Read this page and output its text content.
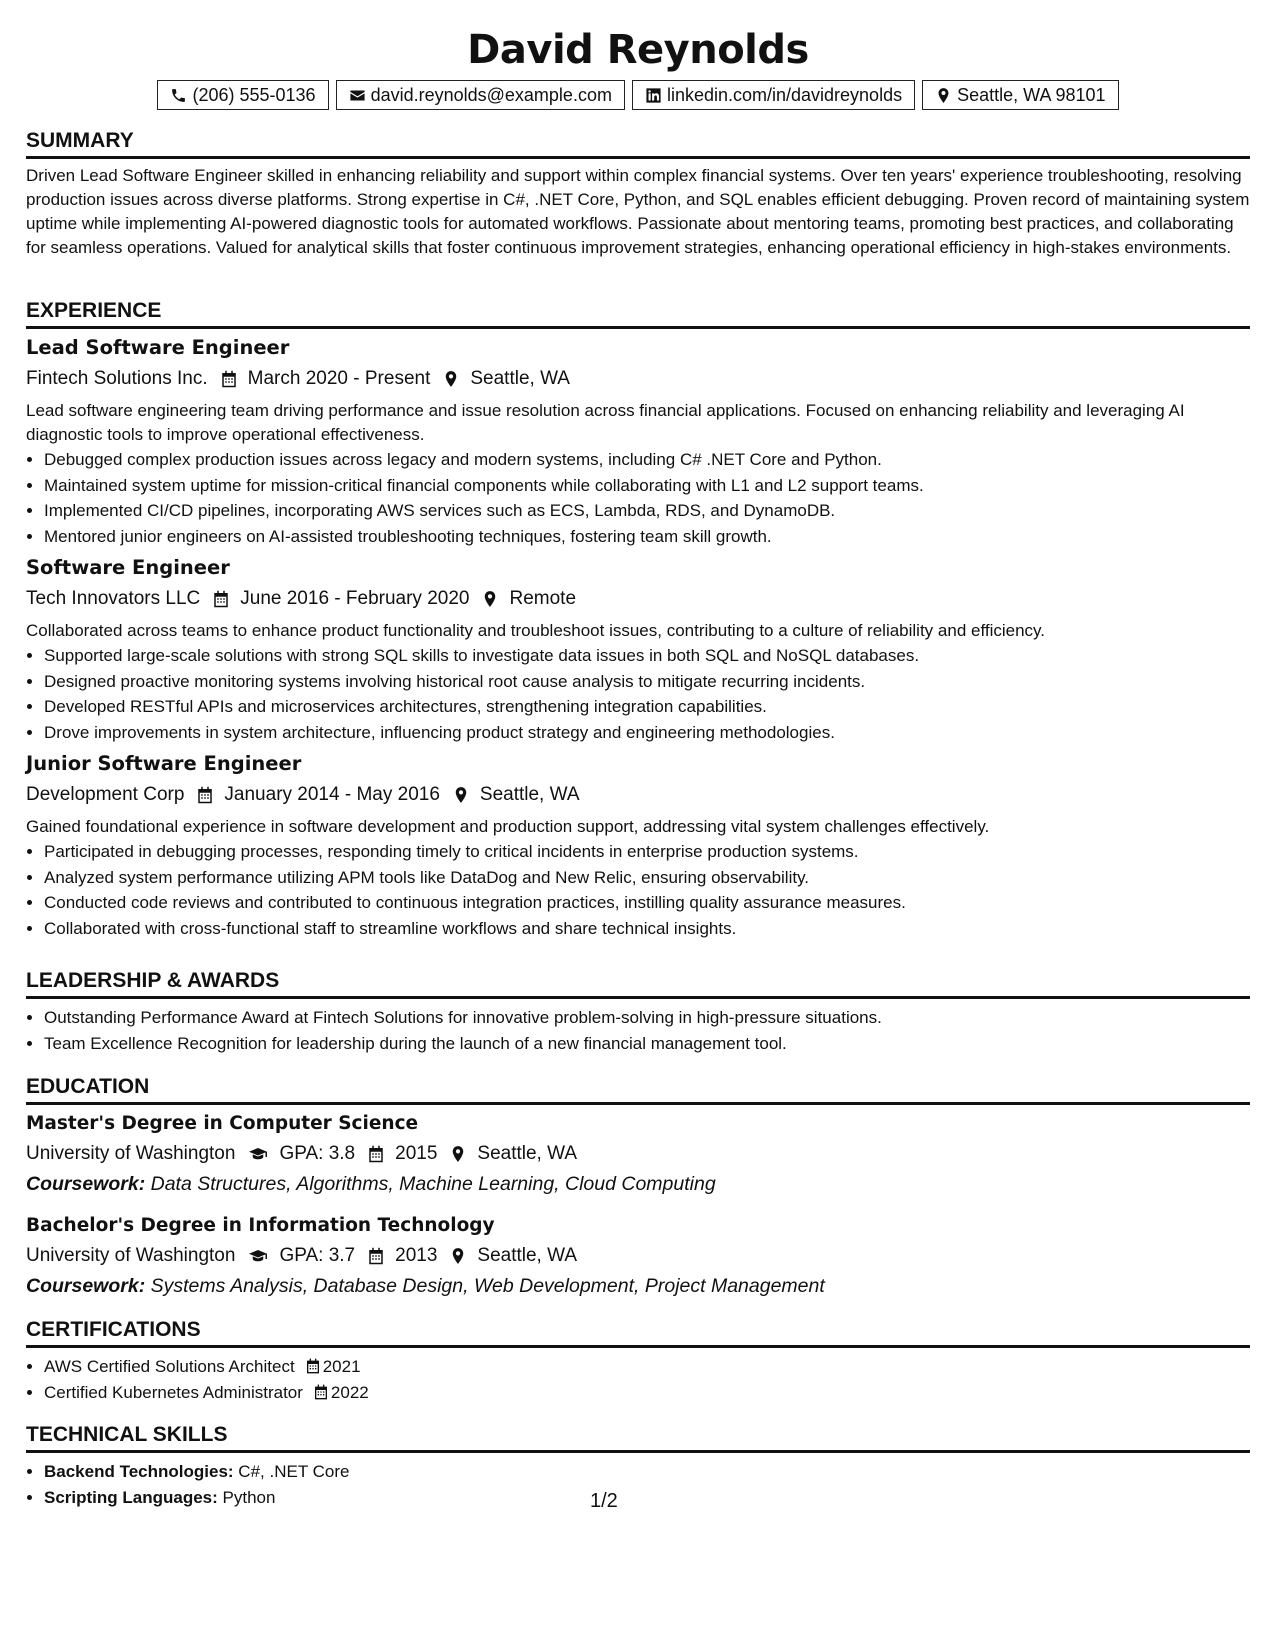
David Reynolds
(206) 555-0136	david.reynolds@example.com	linkedin.com/in/davidreynolds	Seattle, WA 98101
SUMMARY
Driven Lead Software Engineer skilled in enhancing reliability and support within complex financial systems. Over ten years' experience troubleshooting, resolving production issues across diverse platforms. Strong expertise in C#, .NET Core, Python, and SQL enables efficient debugging. Proven record of maintaining system uptime while implementing AI-powered diagnostic tools for automated workflows. Passionate about mentoring teams, promoting best practices, and collaborating for seamless operations. Valued for analytical skills that foster continuous improvement strategies, enhancing operational efficiency in high-stakes environments.
EXPERIENCE
Lead Software Engineer
Fintech Solutions Inc. March 2020 - Present Seattle, WA
Lead software engineering team driving performance and issue resolution across financial applications. Focused on enhancing reliability and leveraging AI diagnostic tools to improve operational effectiveness.
• Debugged complex production issues across legacy and modern systems, including C# .NET Core and Python.
• Maintained system uptime for mission-critical financial components while collaborating with L1 and L2 support teams.
• Implemented CI/CD pipelines, incorporating AWS services such as ECS, Lambda, RDS, and DynamoDB.
• Mentored junior engineers on AI-assisted troubleshooting techniques, fostering team skill growth.
Software Engineer
Tech Innovators LLC June 2016 - February 2020 Remote
Collaborated across teams to enhance product functionality and troubleshoot issues, contributing to a culture of reliability and efficiency.
• Supported large-scale solutions with strong SQL skills to investigate data issues in both SQL and NoSQL databases.
• Designed proactive monitoring systems involving historical root cause analysis to mitigate recurring incidents.
• Developed RESTful APIs and microservices architectures, strengthening integration capabilities.
• Drove improvements in system architecture, influencing product strategy and engineering methodologies.
Junior Software Engineer
Development Corp January 2014 - May 2016 Seattle, WA
Gained foundational experience in software development and production support, addressing vital system challenges effectively.
• Participated in debugging processes, responding timely to critical incidents in enterprise production systems.
• Analyzed system performance utilizing APM tools like DataDog and New Relic, ensuring observability.
• Conducted code reviews and contributed to continuous integration practices, instilling quality assurance measures.
• Collaborated with cross-functional staff to streamline workflows and share technical insights.
LEADERSHIP & AWARDS
• Outstanding Performance Award at Fintech Solutions for innovative problem-solving in high-pressure situations.
• Team Excellence Recognition for leadership during the launch of a new financial management tool.
EDUCATION
Master's Degree in Computer Science
University of Washington GPA: 3.8 2015 Seattle, WA
Coursework: Data Structures, Algorithms, Machine Learning, Cloud Computing
Bachelor's Degree in Information Technology
University of Washington GPA: 3.7 2013 Seattle, WA
Coursework: Systems Analysis, Database Design, Web Development, Project Management
CERTIFICATIONS
• AWS Certified Solutions Architect 2021
• Certified Kubernetes Administrator 2022
TECHNICAL SKILLS
• Backend Technologies: C#, .NET Core
• Scripting Languages: Python	1/2
